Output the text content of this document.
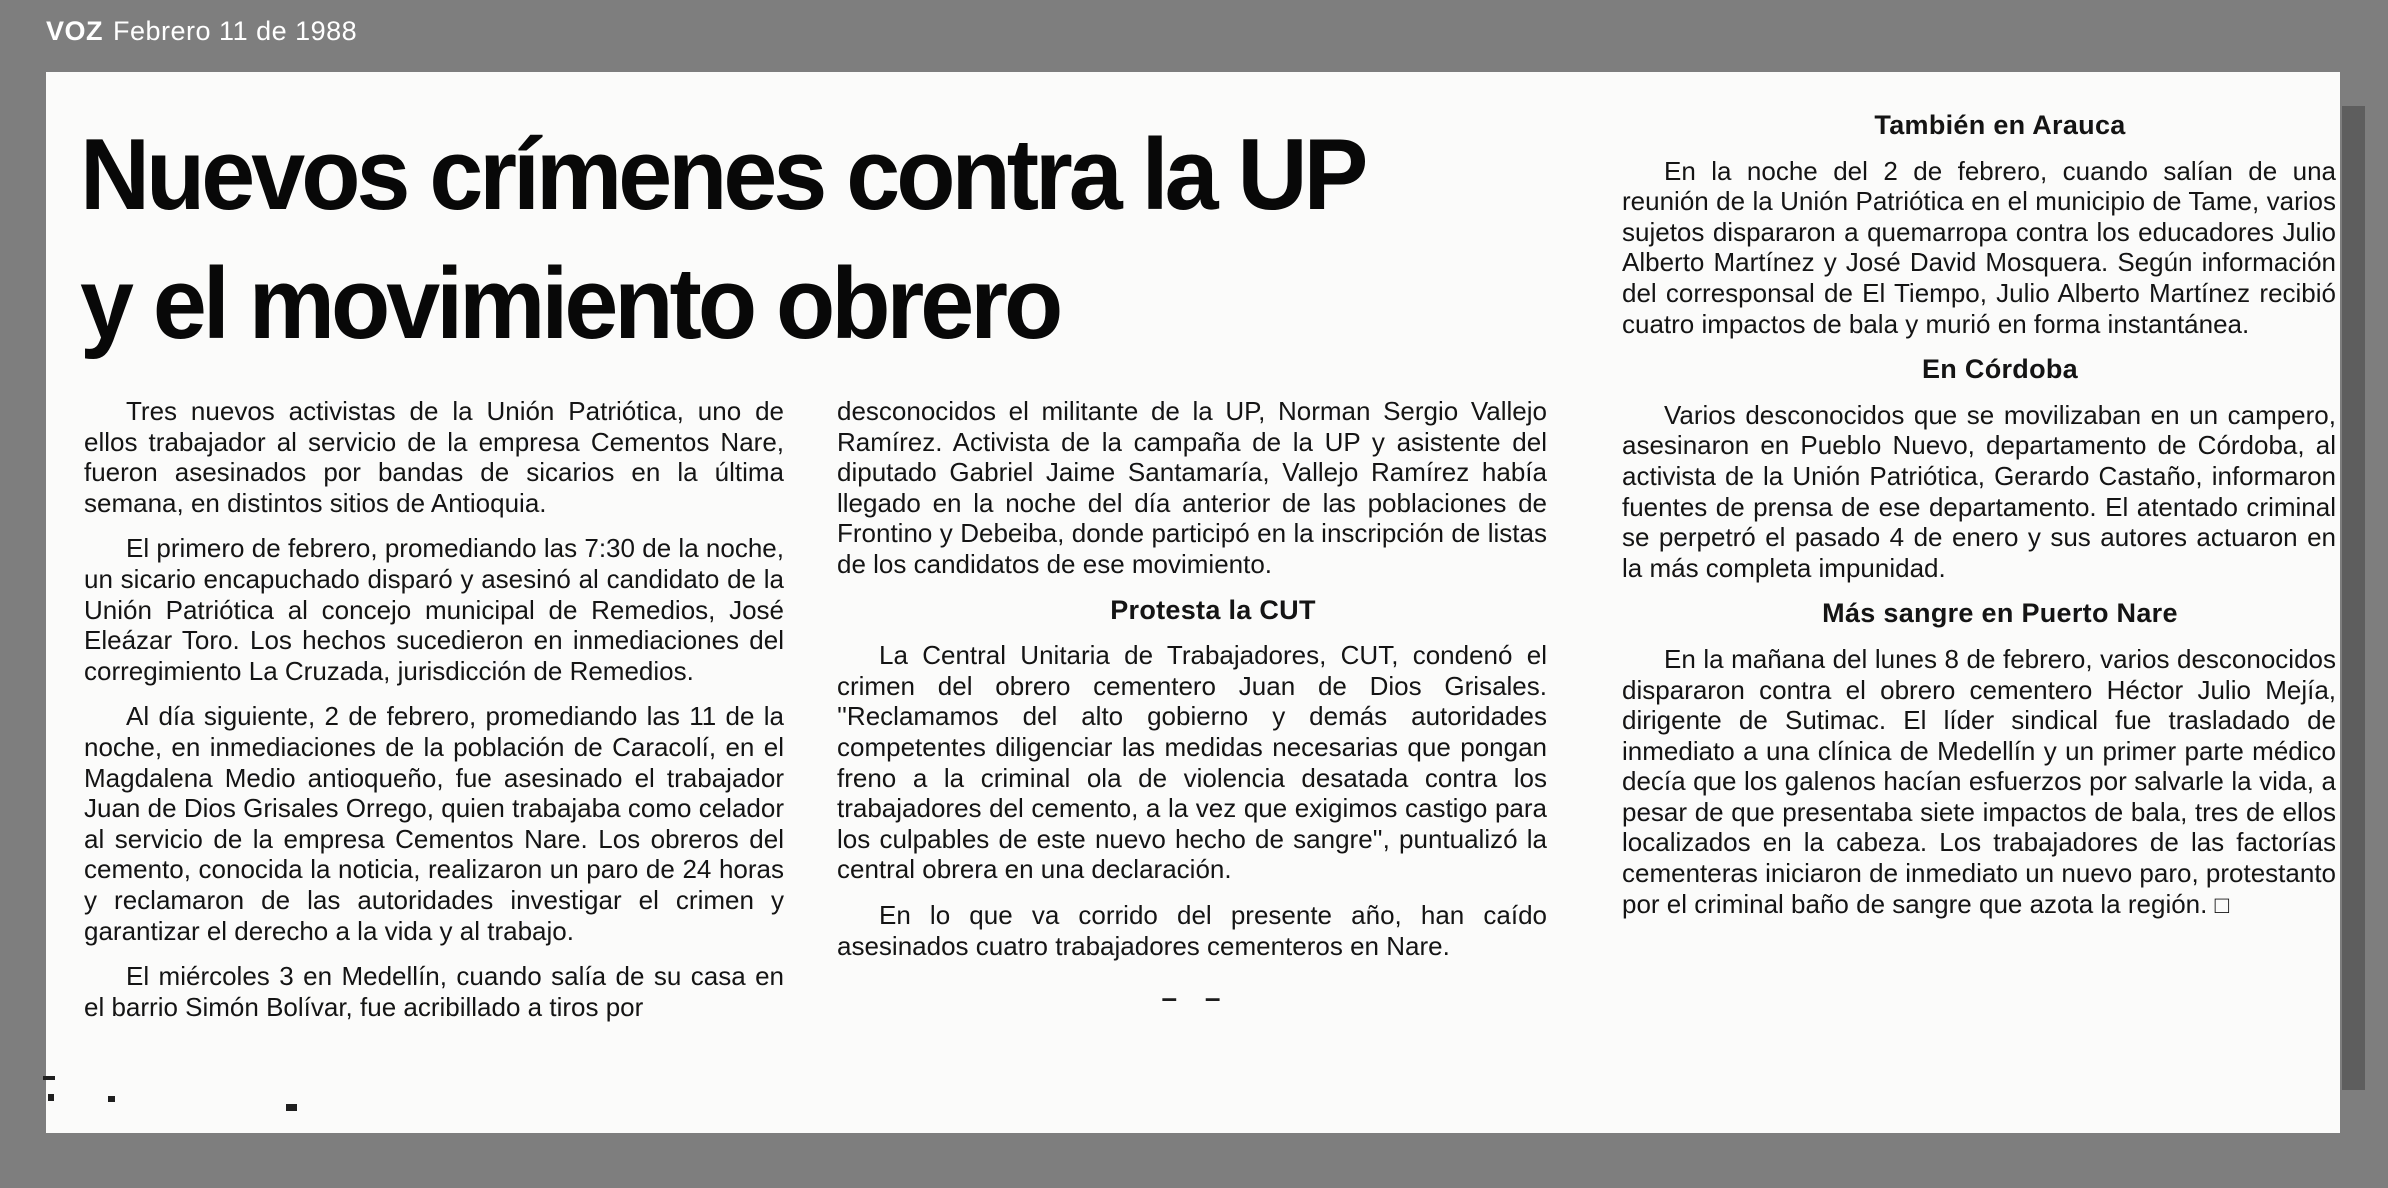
VOZ Febrero 11 de 1988
Nuevos crímenes contra la UP
y el movimiento obrero

Tres nuevos activistas de la Unión Patriótica, uno de ellos trabajador al servicio de la empresa Cementos Nare, fueron asesinados por bandas de sicarios en la última semana, en distintos sitios de Antioquia.

El primero de febrero, promediando las 7:30 de la noche, un sicario encapuchado disparó y asesinó al candidato de la Unión Patriótica al concejo municipal de Remedios, José Eleázar Toro. Los hechos sucedieron en inmediaciones del corregimiento La Cruzada, jurisdicción de Remedios.

Al día siguiente, 2 de febrero, promediando las 11 de la noche, en inmediaciones de la población de Caracolí, en el Magdalena Medio antioqueño, fue asesinado el trabajador Juan de Dios Grisales Orrego, quien trabajaba como celador al servicio de la empresa Cementos Nare. Los obreros del cemento, conocida la noticia, realizaron un paro de 24 horas y reclamaron de las autoridades investigar el crimen y garantizar el derecho a la vida y al trabajo.

El miércoles 3 en Medellín, cuando salía de su casa en el barrio Simón Bolívar, fue acribillado a tiros por

desconocidos el militante de la UP, Norman Sergio Vallejo Ramírez. Activista de la campaña de la UP y asistente del diputado Gabriel Jaime Santamaría, Vallejo Ramírez había llegado en la noche del día anterior de las poblaciones de Frontino y Debeiba, donde participó en la inscripción de listas de los candidatos de ese movimiento.

Protesta la CUT

La Central Unitaria de Trabajadores, CUT, condenó el crimen del obrero cementero Juan de Dios Grisales. ''Reclamamos del alto gobierno y demás autoridades competentes diligenciar las medidas necesarias que pongan freno a la criminal ola de violencia desatada contra los trabajadores del cemento, a la vez que exigimos castigo para los culpables de este nuevo hecho de sangre'', puntualizó la central obrera en una declaración.

En lo que va corrido del presente año, han caído asesinados cuatro trabajadores cementeros en Nare.

– –

También en Arauca

En la noche del 2 de febrero, cuando salían de una reunión de la Unión Patriótica en el municipio de Tame, varios sujetos dispararon a quemarropa contra los educadores Julio Alberto Martínez y José David Mosquera. Según información del corresponsal de El Tiempo, Julio Alberto Martínez recibió cuatro impactos de bala y murió en forma instantánea.

En Córdoba

Varios desconocidos que se movilizaban en un campero, asesinaron en Pueblo Nuevo, departamento de Córdoba, al activista de la Unión Patriótica, Gerardo Castaño, informaron fuentes de prensa de ese departamento. El atentado criminal se perpetró el pasado 4 de enero y sus autores actuaron en la más completa impunidad.

Más sangre en Puerto Nare

En la mañana del lunes 8 de febrero, varios desconocidos dispararon contra el obrero cementero Héctor Julio Mejía, dirigente de Sutimac. El líder sindical fue trasladado de inmediato a una clínica de Medellín y un primer parte médico decía que los galenos hacían esfuerzos por salvarle la vida, a pesar de que presentaba siete impactos de bala, tres de ellos localizados en la cabeza. Los trabajadores de las factorías cementeras iniciaron de inmediato un nuevo paro, protestanto por el criminal baño de sangre que azota la región. □
